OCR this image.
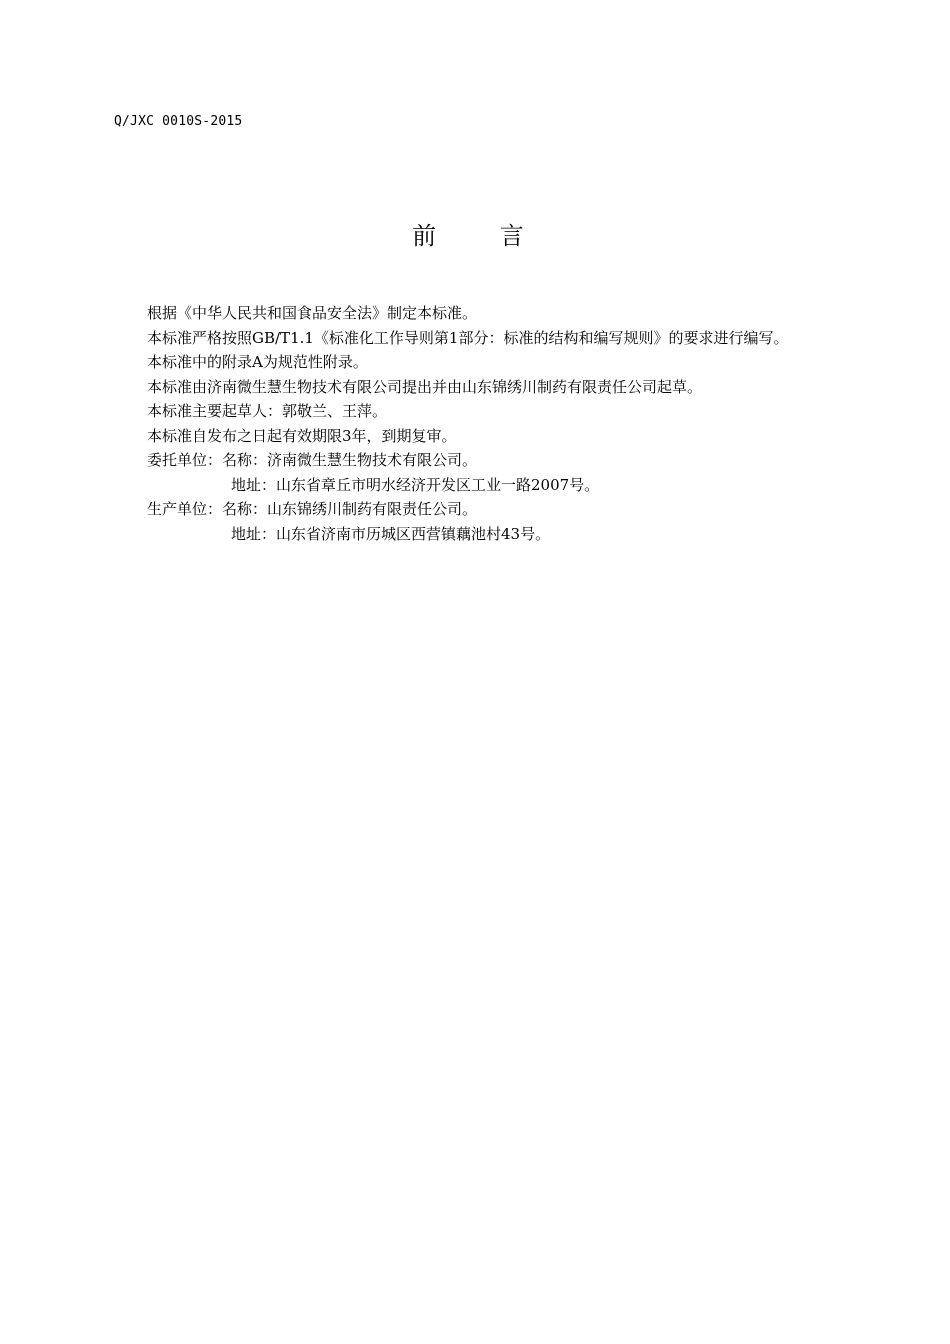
Q/JXC 0010S-2015
前 言
根据《中华人民共和国食品安全法》制定本标准。
本标准严格按照GB/T1.1《标准化工作导则第1部分：标准的结构和编写规则》的要求进行编写。
本标准中的附录A为规范性附录。
本标准由济南微生慧生物技术有限公司提出并由山东锦绣川制药有限责任公司起草。
本标准主要起草人：郭敬兰、王萍。
本标准自发布之日起有效期限3年，到期复审。
委托单位：名称：济南微生慧生物技术有限公司。
地址：山东省章丘市明水经济开发区工业一路2007号。
生产单位：名称：山东锦绣川制药有限责任公司。
地址：山东省济南市历城区西营镇藕池村43号。
